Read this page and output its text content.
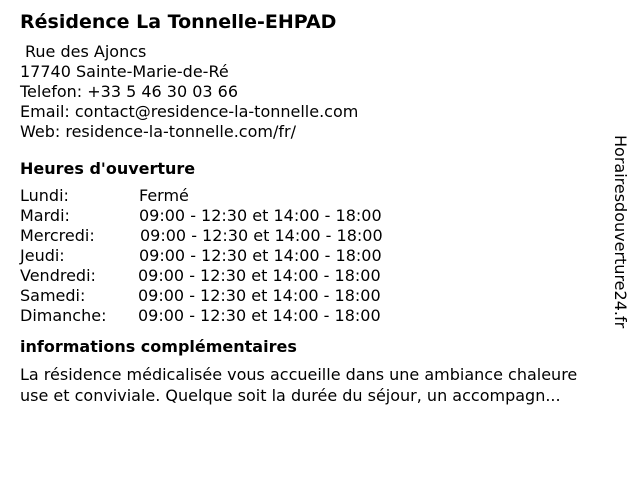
Résidence La Tonnelle-EHPAD
Rue des Ajoncs
17740 Sainte-Marie-de-Ré
Telefon: +33 5 46 30 03 66
Email: contact@residence-la-tonnelle.com
Web: residence-la-tonnelle.com/fr/
Heures d'ouverture
Lundi:	Fermé
Mardi:	09:00 - 12:30 et 14:00 - 18:00
Mercredi:	09:00 - 12:30 et 14:00 - 18:00
Jeudi:	09:00 - 12:30 et 14:00 - 18:00
Vendredi:	09:00 - 12:30 et 14:00 - 18:00
Samedi:	09:00 - 12:30 et 14:00 - 18:00
Dimanche: 09:00 - 12:30 et 14:00 - 18:00
informations complémentaires
La résidence médicalisée vous accueille dans une ambiance chaleure
use et conviviale. Quelque soit la durée du séjour, un accompagn...
Horairesdouverture24.fr
